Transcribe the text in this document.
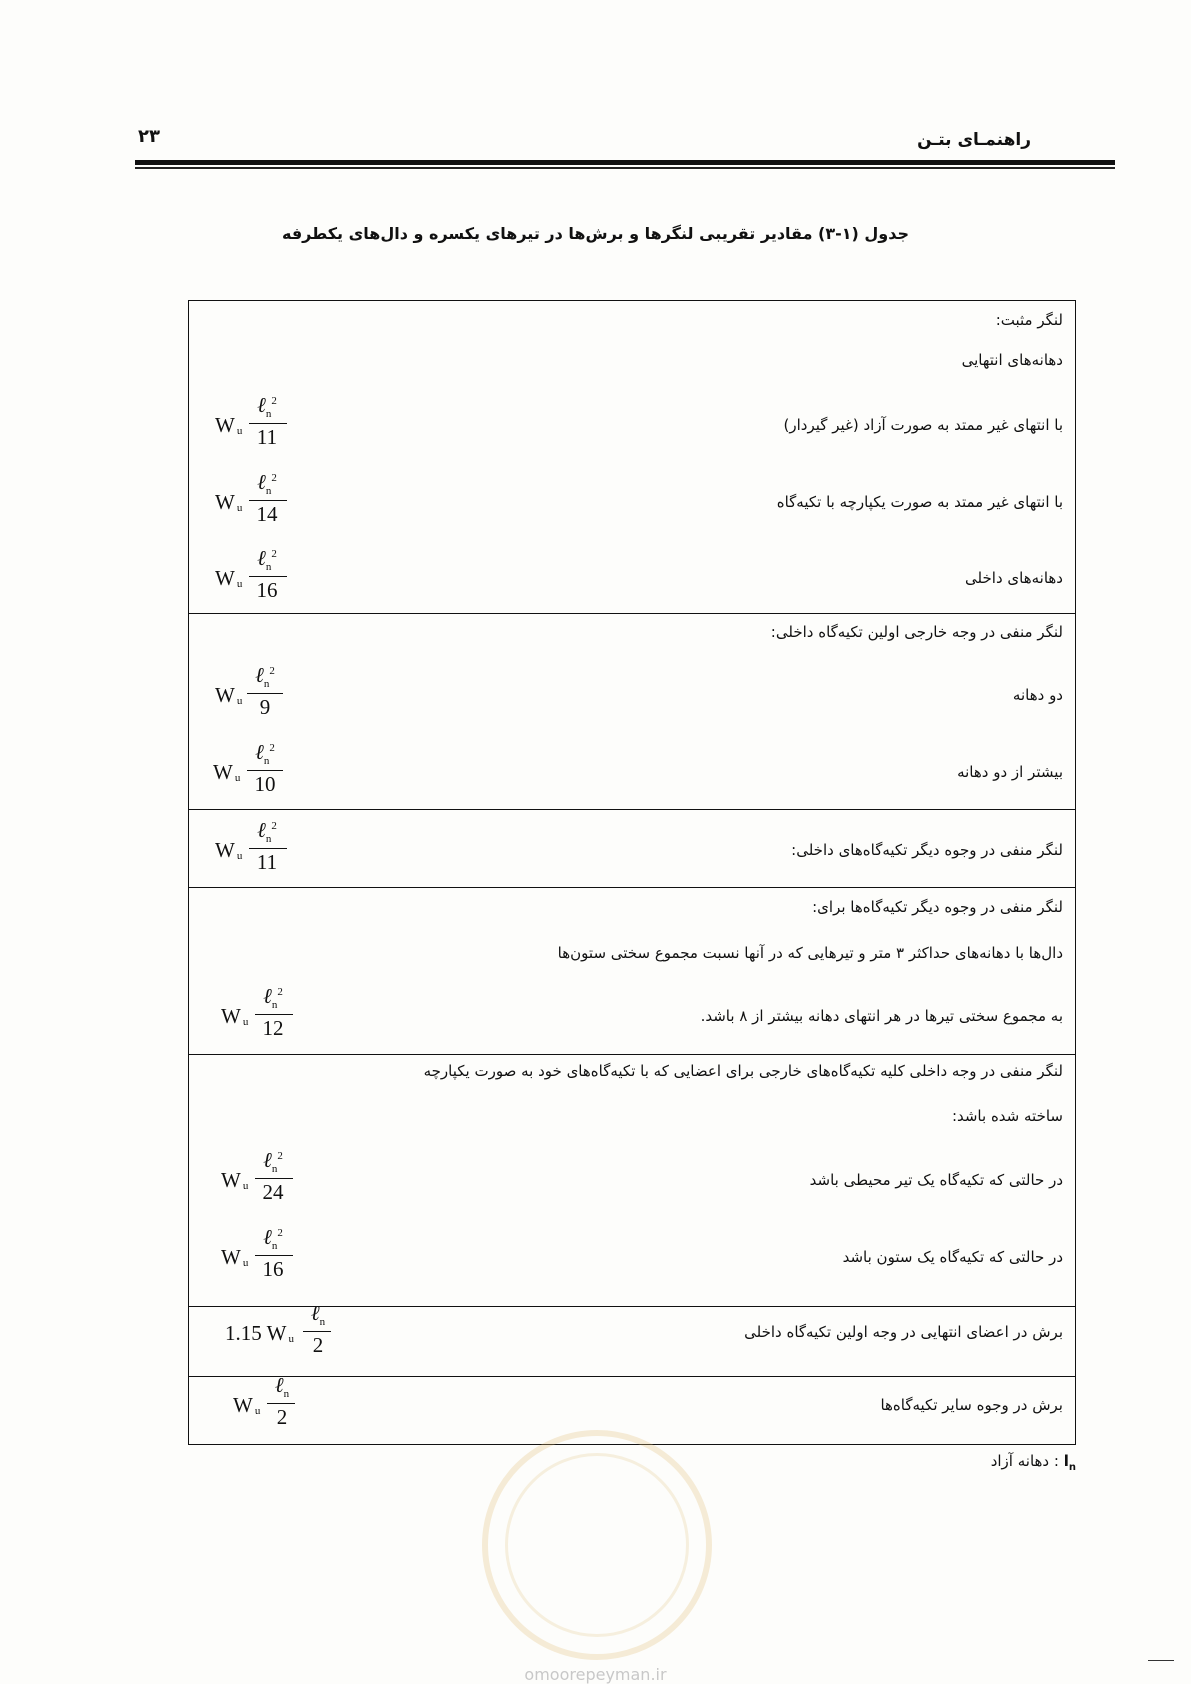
راهنمـای بتـن
۲۳
جدول (۱-۳) مقادیر تقریبی لنگرها و برش‌ها در تیرهای یکسره و دال‌های یکطرفه
لنگر مثبت:
دهانه‌های انتهایی
با انتهای غیر ممتد به صورت آزاد (غیر گیردار)
با انتهای غیر ممتد به صورت یکپارچه با تکیه‌گاه
دهانه‌های داخلی
لنگر منفی در وجه خارجی اولین تکیه‌گاه داخلی:
دو دهانه
بیشتر از دو دهانه
لنگر منفی در وجوه دیگر تکیه‌گاه‌های داخلی:
لنگر منفی در وجوه دیگر تکیه‌گاه‌ها برای:
دال‌ها با دهانه‌های حداکثر ۳ متر و تیرهایی که در آنها نسبت مجموع سختی ستون‌ها
به مجموع سختی تیرها در هر انتهای دهانه بیشتر از ۸ باشد.
لنگر منفی در وجه داخلی کلیه تکیه‌گاه‌های خارجی برای اعضایی که با تکیه‌گاه‌های خود به صورت یکپارچه
ساخته شده باشد:
در حالتی که تکیه‌گاه یک تیر محیطی باشد
در حالتی که تکیه‌گاه یک ستون باشد
برش در اعضای انتهایی در وجه اولین تکیه‌گاه داخلی
برش در وجوه سایر تکیه‌گاه‌ها
W $_u$
ℓ$_n^2$
11
W $_u$
ℓ$_n^2$
14
W $_u$
ℓ$_n^2$
16
W $_u$
ℓ$_n^2$
9
W $_u$
ℓ$_n^2$
10
W $_u$
ℓ$_n^2$
11
W $_u$
ℓ$_n^2$
12
W $_u$
ℓ$_n^2$
24
W $_u$
ℓ$_n^2$
16
1.15 W $_u$
ℓ$_n$
2
W $_u$
ℓ$_n$
2
$l_n$ : دهانه آزاد
omoorepeyman.ir
